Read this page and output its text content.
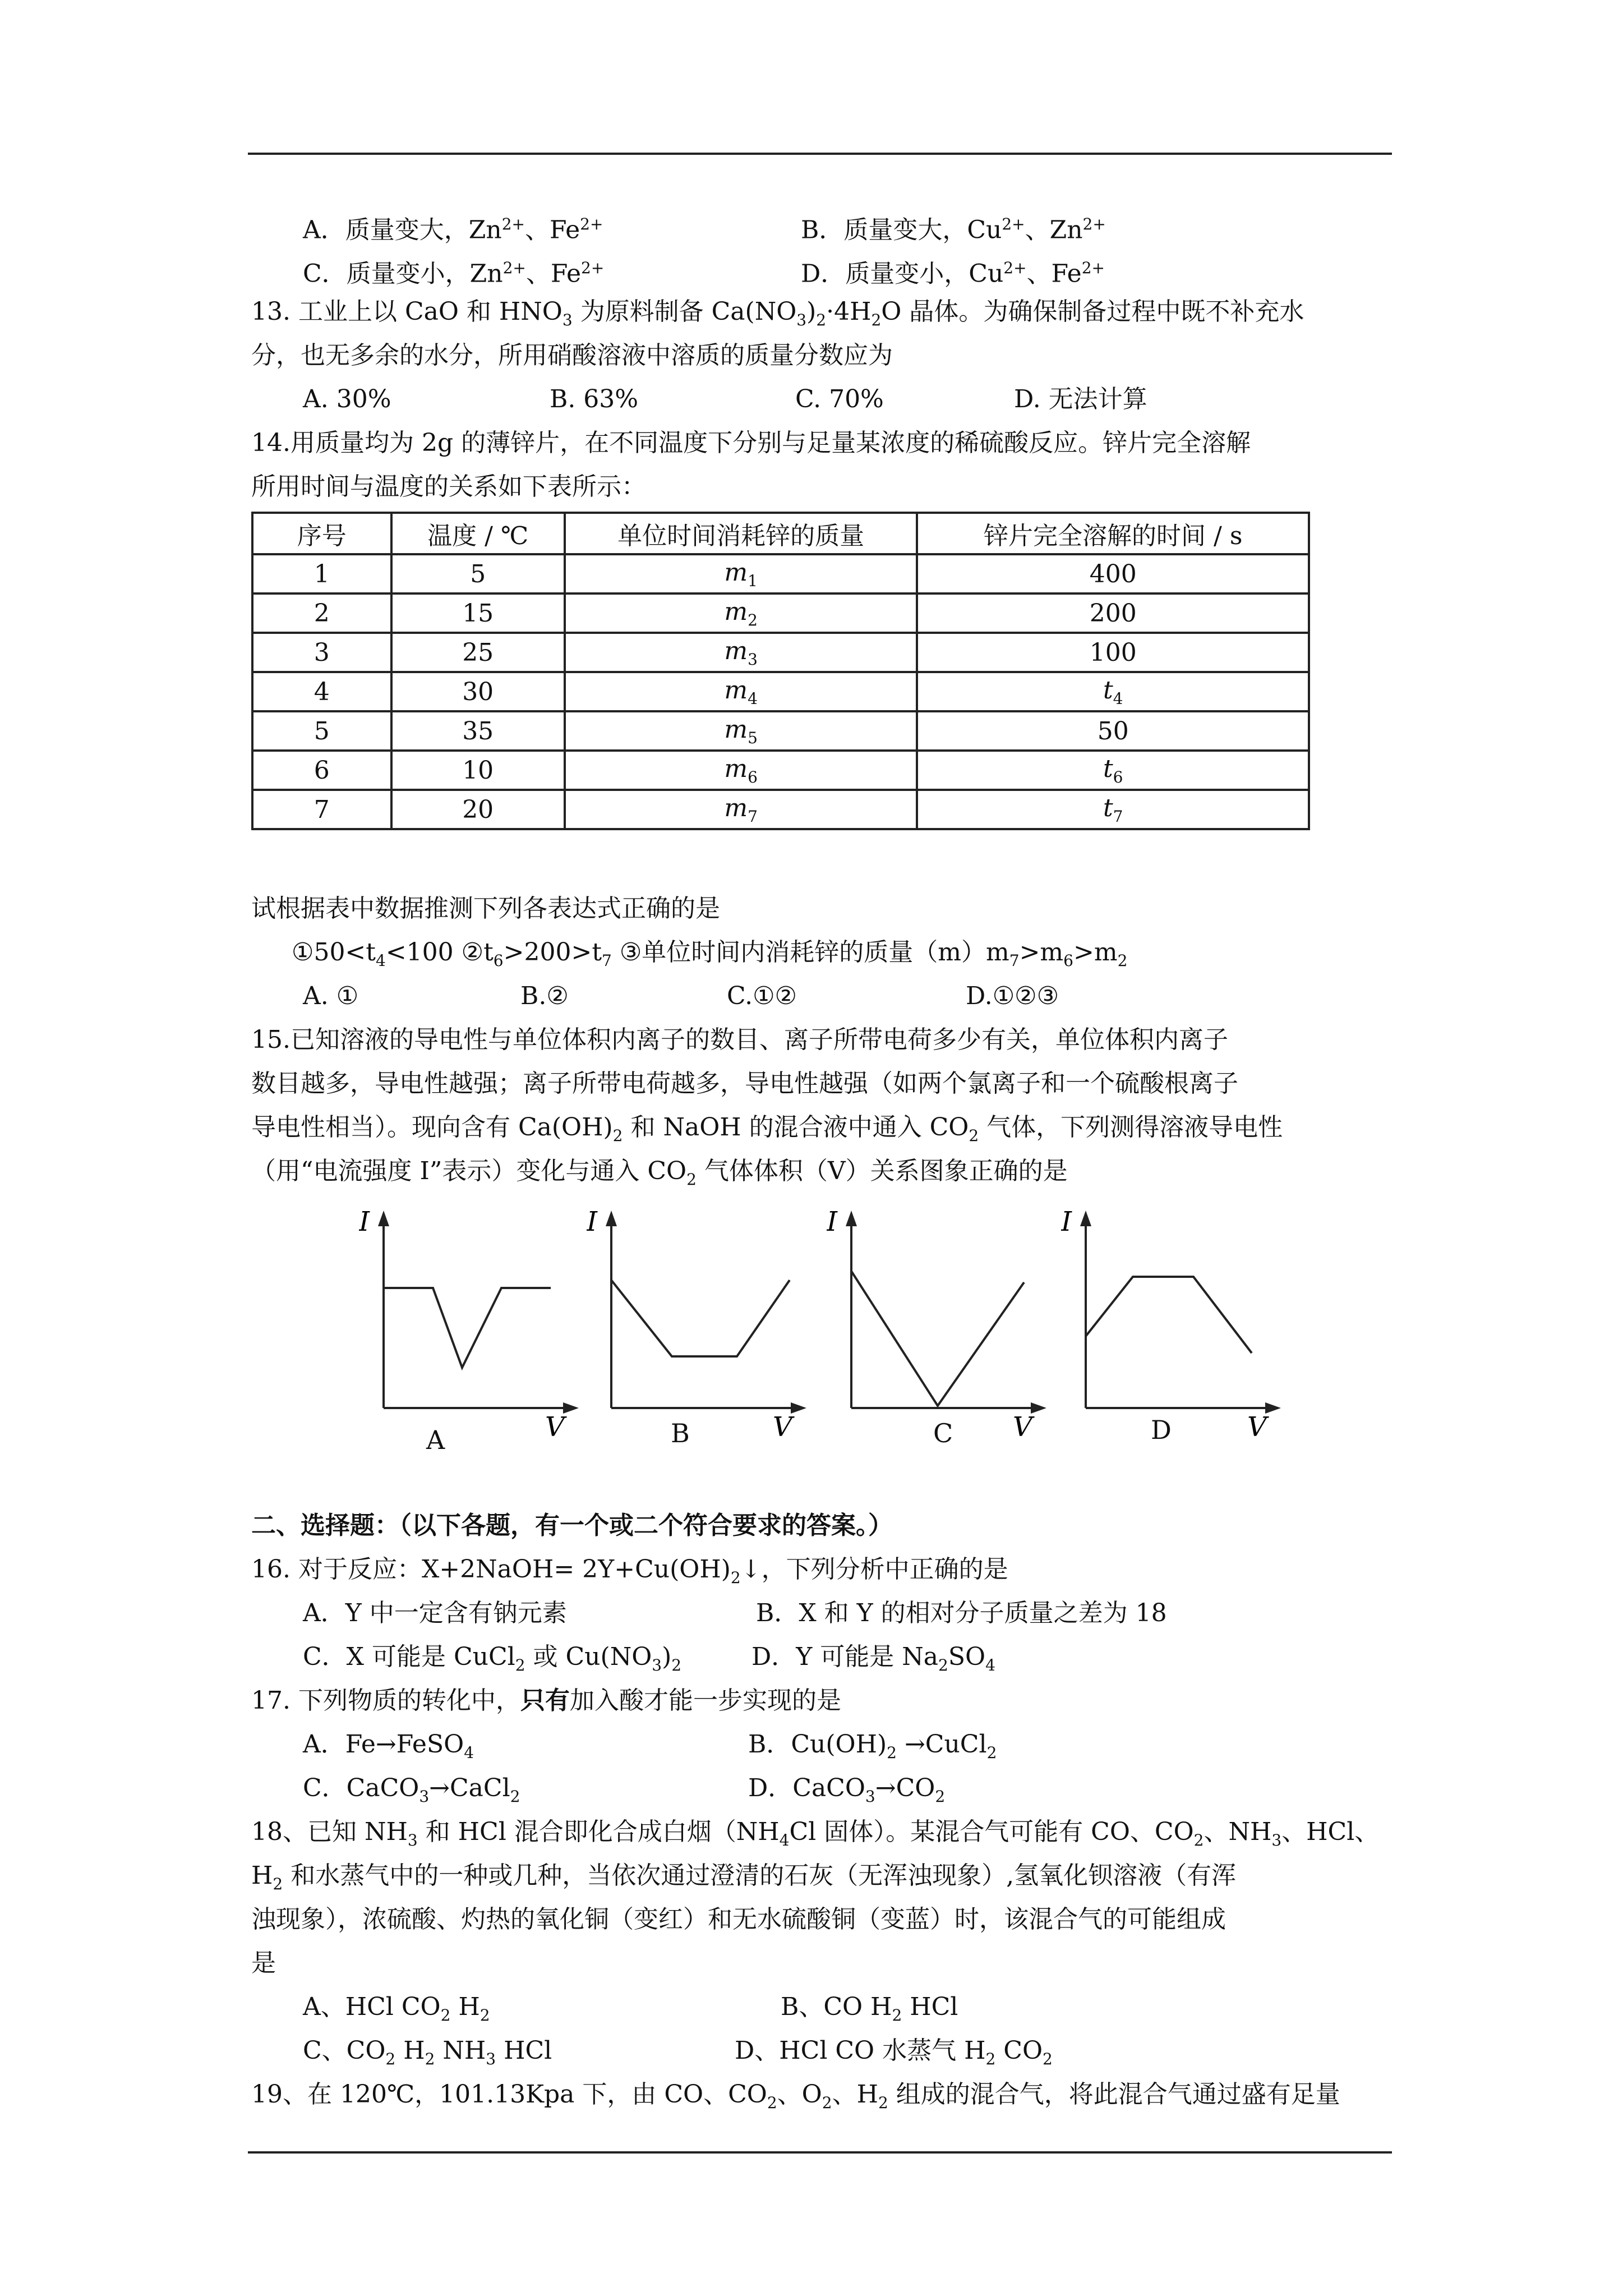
A．质量变大，$Zn^{2+}$、$Fe^{2+}$	B．质量变大，$Cu^{2+}$、$Zn^{2+}$
C．质量变小，$Zn^{2+}$、$Fe^{2+}$	D．质量变小，$Cu^{2+}$、$Fe^{2+}$
13. 工业上以 CaO 和 $HNO_3$ 为原料制备 $Ca(NO_3)_2\cdot 4H_2O$ 晶体。为确保制备过程中既不补充水
分，也无多余的水分，所用硝酸溶液中溶质的质量分数应为
A. 30%	B. 63%	C. 70%	D. 无法计算
14.用质量均为 2g 的薄锌片，在不同温度下分别与足量某浓度的稀硫酸反应。锌片完全溶解
所用时间与温度的关系如下表所示：
序号	温度 / ℃	单位时间消耗锌的质量	锌片完全溶解的时间 / s
1	5	$m_1$	400
2	15	$m_2$	200
3	25	$m_3$	100
4	30	$m_4$	$t_4$
5	35	$m_5$	50
6	10	$m_6$	$t_6$
7	20	$m_7$	$t_7$
试根据表中数据推测下列各表达式正确的是
$①50<t_4<100$ $②t_6>200>t_7$ ③单位时间内消耗锌的质量$(m)m_7>m_6>m_2$
A. ①	B.②	C.①②	D.①②③
15.已知溶液的导电性与单位体积内离子的数目、离子所带电荷多少有关，单位体积内离子
数目越多，导电性越强；离子所带电荷越多，导电性越强（如两个氯离子和一个硫酸根离子
导电性相当）。现向含有 $Ca(OH)_2$ 和 NaOH 的混合液中通入 $CO_2$ 气体，下列测得溶液导电性
（用“电流强度 I”表示）变化与通入 $CO_2$ 气体体积（V）关系图象正确的是
I
V
A
I
V
B
I
V
C
I
V
D
二、选择题：（以下各题，有一个或二个符合要求的答案。）
16. 对于反应：X+2NaOH= $2Y+Cu(OH)_2↓$，下列分析中正确的是
A．Y 中一定含有钠元素	B．X 和 Y 的相对分子质量之差为 18
C．X 可能是 CuCl$_2$ 或 $Cu(NO_3)_2$	D．Y 可能是 $Na_2SO_4$
17. 下列物质的转化中，只有加入酸才能一步实现的是
A．Fe→FeSO$_4$	B．$Cu(OH)_2$ →CuCl$_2$
C．CaCO$_3$→CaCl$_2$	D．$CaCO_3\to CO_2$
18、已知 $NH_3$ 和 HCl 混合即化合成白烟（$NH_4Cl$ 固体）。某混合气可能有 CO、$CO_2$、$NH_3$、HCl、
$H_2$ 和水蒸气中的一种或几种，当依次通过澄清的石灰（无浑浊现象）,氢氧化钡溶液（有浑
浊现象），浓硫酸、灼热的氧化铜（变红）和无水硫酸铜（变蓝）时，该混合气的可能组成
是
A、HCl $CO_2$ $H_2$	B、CO $H_2$ HCl
C、$CO_2$ $H_2$ $NH_3$ HCl	D、HCl CO 水蒸气 $H_2$ $CO_2$
19、在 120℃，101.13Kpa 下，由 CO、$CO_2$、$O_2$、$H_2$ 组成的混合气，将此混合气通过盛有足量
